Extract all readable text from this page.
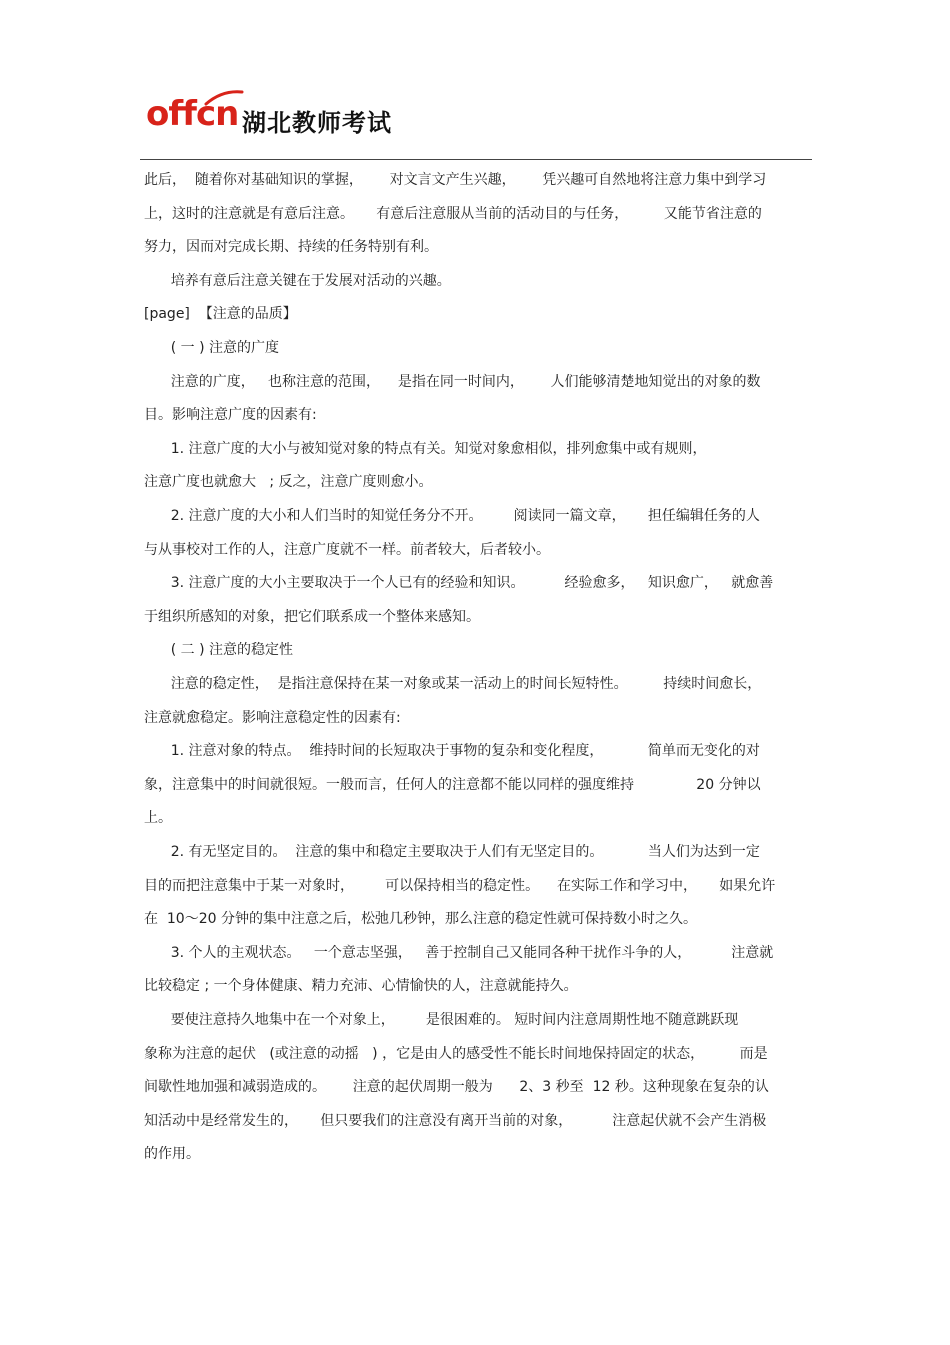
offcn 湖北教师考试
此后，  随着你对基础知识的掌握，      对文言文产生兴趣，      凭兴趣可自然地将注意力集中到学习
上，这时的注意就是有意后注意。     有意后注意服从当前的活动目的与任务，        又能节省注意的
努力，因而对完成长期、持续的任务特别有利。
培养有意后注意关键在于发展对活动的兴趣。
[page]  【注意的品质】
( 一 ) 注意的广度
注意的广度，   也称注意的范围，    是指在同一时间内，      人们能够清楚地知觉出的对象的数
目。影响注意广度的因素有:
1. 注意广度的大小与被知觉对象的特点有关。知觉对象愈相似，排列愈集中或有规则，
注意广度也就愈大   ; 反之，注意广度则愈小。
2. 注意广度的大小和人们当时的知觉任务分不开。       阅读同一篇文章，     担任编辑任务的人
与从事校对工作的人，注意广度就不一样。前者较大，后者较小。
3. 注意广度的大小主要取决于一个人已有的经验和知识。         经验愈多，   知识愈广，   就愈善
于组织所感知的对象，把它们联系成一个整体来感知。
( 二 ) 注意的稳定性
注意的稳定性，  是指注意保持在某一对象或某一活动上的时间长短特性。        持续时间愈长，
注意就愈稳定。影响注意稳定性的因素有:
1. 注意对象的特点。  维持时间的长短取决于事物的复杂和变化程度，          简单而无变化的对
象，注意集中的时间就很短。一般而言，任何人的注意都不能以同样的强度维持              20 分钟以
上。
2. 有无坚定目的。  注意的集中和稳定主要取决于人们有无坚定目的。          当人们为达到一定
目的而把注意集中于某一对象时，       可以保持相当的稳定性。    在实际工作和学习中，     如果允许
在  10～20 分钟的集中注意之后，松弛几秒钟，那么注意的稳定性就可保持数小时之久。
3. 个人的主观状态。   一个意志坚强，   善于控制自己又能同各种干扰作斗争的人，         注意就
比较稳定 ; 一个身体健康、精力充沛、心情愉快的人，注意就能持久。
要使注意持久地集中在一个对象上，       是很困难的。 短时间内注意周期性地不随意跳跃现
象称为注意的起伏   (或注意的动摇   ) ，它是由人的感受性不能长时间地保持固定的状态，        而是
间歇性地加强和减弱造成的。      注意的起伏周期一般为      2、3 秒至  12 秒。这种现象在复杂的认
知活动中是经常发生的，     但只要我们的注意没有离开当前的对象，         注意起伏就不会产生消极
的作用。
